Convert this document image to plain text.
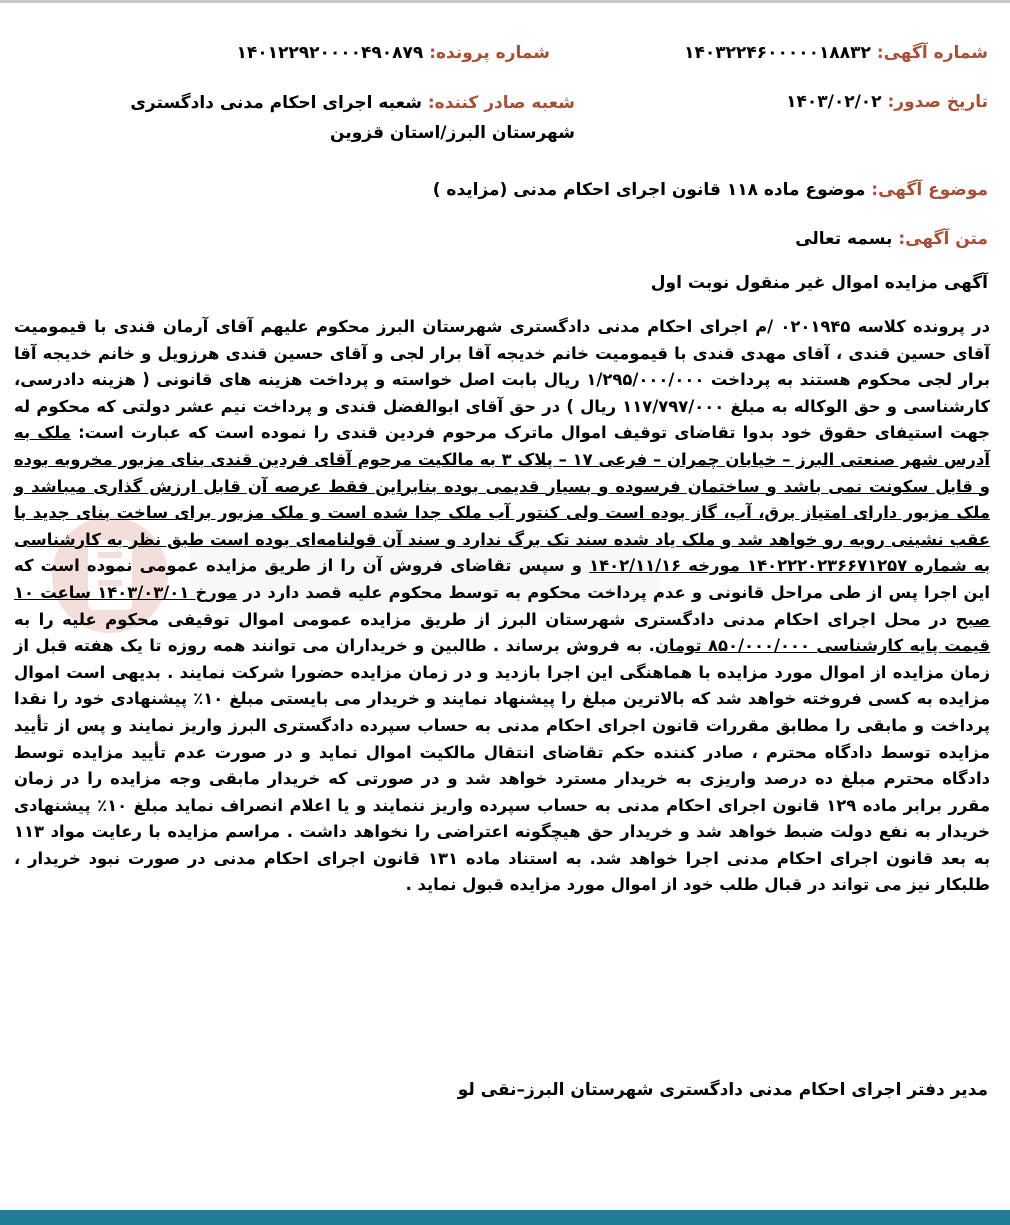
شماره آگهی: ۱۴۰۳۲۲۴۶۰۰۰۰۰۱۸۸۳۲
شماره پرونده: ۱۴۰۱۲۲۹۲۰۰۰۰۴۹۰۸۷۹
تاریخ صدور: ۱۴۰۳/۰۲/۰۲
شعبه صادر کننده: شعبه اجرای احکام مدنی دادگستری شهرستان البرز/استان قزوین
موضوع آگهی: موضوع ماده ۱۱۸ قانون اجرای احکام مدنی (مزایده )
متن آگهی: بسمه تعالی
آگهی مزایده اموال غیر منقول نوبت اول
در پرونده کلاسه ۰۲۰۱۹۴۵ /م اجرای احکام مدنی دادگستری شهرستان البرز محکوم علیهم آقای آرمان قندی با قیمومیت آقای حسین قندی ، آقای مهدی قندی با قیمومیت خانم خدیجه آقا برار لجی و آقای حسین قندی هرزویل و خانم خدیجه آقا برار لجی محکوم هستند به پرداخت ۱/۲۹۵/۰۰۰/۰۰۰ ریال بابت اصل خواسته و پرداخت هزینه های قانونی ( هزینه دادرسی، کارشناسی و حق الوکاله به مبلغ ۱۱۷/۷۹۷/۰۰۰ ریال ) در حق آقای ابوالفضل قندی و پرداخت نیم عشر دولتی که محکوم له جهت استیفای حقوق خود بدوا تقاضای توقیف اموال ماترک مرحوم فردین قندی را نموده است که عبارت است: ملک به آدرس شهر صنعتی البرز – خیابان چمران – فرعی ۱۷ – پلاک ۳ به مالکیت مرحوم آقای فردین قندی بنای مزبور مخروبه بوده و قابل سکونت نمی باشد و ساختمان فرسوده و بسیار قدیمی بوده بنابراین فقط عرصه آن قابل ارزش گذاری میباشد و ملک مزبور دارای امتیاز برق، آب، گاز بوده است ولی کنتور آب ملک جدا شده است و ملک مزبور برای ساخت بنای جدید با عقب نشینی روبه رو خواهد شد و ملک یاد شده سند تک برگ ندارد و سند آن قولنامه‌ای بوده است طبق نظر به کارشناسی به شماره ۱۴۰۲۲۲۰۲۳۶۶۷۱۲۵۷ مورخه ۱۴۰۲/۱۱/۱۶ و سپس تقاضای فروش آن را از طریق مزایده عمومی نموده است که این اجرا پس از طی مراحل قانونی و عدم پرداخت محکوم به توسط محکوم علیه قصد دارد در مورخ ۱۴۰۳/۰۳/۰۱ ساعت ۱۰ صبح در محل اجرای احکام مدنی دادگستری شهرستان البرز از طریق مزایده عمومی اموال توقیفی محکوم علیه را به قیمت پایه کارشناسی ۸۵۰/۰۰۰/۰۰۰ تومان. به فروش برساند . طالبین و خریداران می توانند همه روزه تا یک هفته قبل از زمان مزایده از اموال مورد مزایده با هماهنگی این اجرا بازدید و در زمان مزایده حضورا شرکت نمایند . بدیهی است اموال مزایده به کسی فروخته خواهد شد که بالاترین مبلغ را پیشنهاد نمایند و خریدار می بایستی مبلغ ۱۰٪ پیشنهادی خود را نقدا پرداخت و مابقی را مطابق مقررات قانون اجرای احکام مدنی به حساب سپرده دادگستری البرز واریز نمایند و پس از تأیید مزایده توسط دادگاه محترم ، صادر کننده حکم تقاضای انتقال مالکیت اموال نماید و در صورت عدم تأیید مزایده توسط دادگاه محترم مبلغ ده درصد واریزی به خریدار مسترد خواهد شد و در صورتی که خریدار مابقی وجه مزایده را در زمان مقرر برابر ماده ۱۲۹ قانون اجرای احکام مدنی به حساب سپرده واریز ننمایند و یا اعلام انصراف نماید مبلغ ۱۰٪ پیشنهادی خریدار به نفع دولت ضبط خواهد شد و خریدار حق هیچگونه اعتراضی را نخواهد داشت . مراسم مزایده با رعایت مواد ۱۱۳ به بعد قانون اجرای احکام مدنی اجرا خواهد شد. به استناد ماده ۱۳۱ قانون اجرای احکام مدنی در صورت نبود خریدار ، طلبکار نیز می تواند در قبال طلب خود از اموال مورد مزایده قبول نماید .
مدیر دفتر اجرای احکام مدنی دادگستری شهرستان البرز–نقی لو
